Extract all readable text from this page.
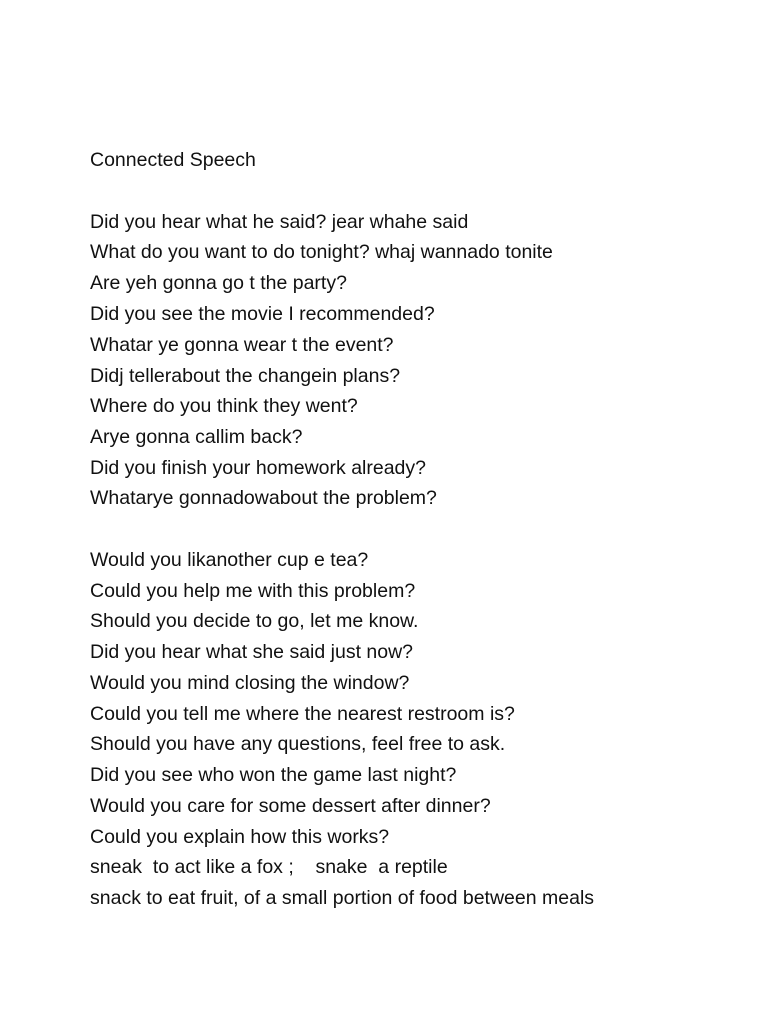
Connected Speech

Did you hear what he said? jear whahe said

What do you want to do tonight? whaj wannado tonite

Are yeh gonna go t the party?

Did you see the movie I recommended?

Whatar ye gonna wear t the event?

Didj tellerabout the changein plans?

Where do you think they went?

Arye gonna callim back?

Did you finish your homework already?

Whatarye gonnadowabout the problem?

Would you likanother cup e tea?

Could you help me with this problem?

Should you decide to go, let me know.

Did you hear what she said just now?

Would you mind closing the window?

Could you tell me where the nearest restroom is?

Should you have any questions, feel free to ask.

Did you see who won the game last night?

Would you care for some dessert after dinner?

Could you explain how this works?

sneak  to act like a fox ;    snake  a reptile

snack to eat fruit, of a small portion of food between meals
